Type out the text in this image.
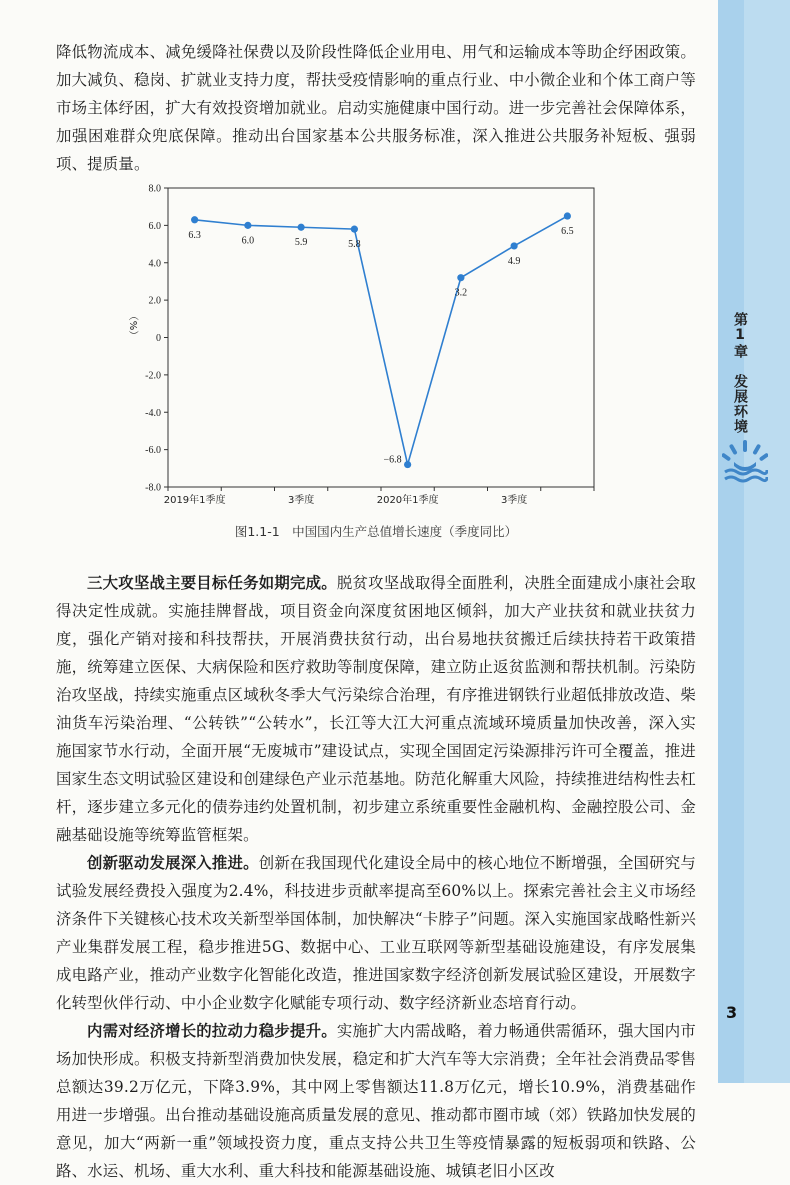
第1章
发展环境
3

降低物流成本、减免缓降社保费以及阶段性降低企业用电、用气和运输成本等助企纾困政策。加大减负、稳岗、扩就业支持力度，帮扶受疫情影响的重点行业、中小微企业和个体工商户等市场主体纾困，扩大有效投资增加就业。启动实施健康中国行动。进一步完善社会保障体系，加强困难群众兜底保障。推动出台国家基本公共服务标准，深入推进公共服务补短板、强弱项、提质量。

8.0
6.0
4.0
2.0
0
-2.0
-4.0
-6.0
-8.0
（%）
2019年1季度	3季度	2020年1季度	3季度
6.3
6.0	5.9	5.8
−6.8
3.2
4.9
6.5
图1.1-1　中国国内生产总值增长速度（季度同比）

三大攻坚战主要目标任务如期完成。脱贫攻坚战取得全面胜利，决胜全面建成小康社会取得决定性成就。实施挂牌督战，项目资金向深度贫困地区倾斜，加大产业扶贫和就业扶贫力度，强化产销对接和科技帮扶，开展消费扶贫行动，出台易地扶贫搬迁后续扶持若干政策措施，统筹建立医保、大病保险和医疗救助等制度保障，建立防止返贫监测和帮扶机制。污染防治攻坚战，持续实施重点区域秋冬季大气污染综合治理，有序推进钢铁行业超低排放改造、柴油货车污染治理、“公转铁”“公转水”，长江等大江大河重点流域环境质量加快改善，深入实施国家节水行动，全面开展“无废城市”建设试点，实现全国固定污染源排污许可全覆盖，推进国家生态文明试验区建设和创建绿色产业示范基地。防范化解重大风险，持续推进结构性去杠杆，逐步建立多元化的债券违约处置机制，初步建立系统重要性金融机构、金融控股公司、金融基础设施等统筹监管框架。

创新驱动发展深入推进。创新在我国现代化建设全局中的核心地位不断增强，全国研究与试验发展经费投入强度为2.4%，科技进步贡献率提高至60%以上。探索完善社会主义市场经济条件下关键核心技术攻关新型举国体制，加快解决“卡脖子”问题。深入实施国家战略性新兴产业集群发展工程，稳步推进5G、数据中心、工业互联网等新型基础设施建设，有序发展集成电路产业，推动产业数字化智能化改造，推进国家数字经济创新发展试验区建设，开展数字化转型伙伴行动、中小企业数字化赋能专项行动、数字经济新业态培育行动。

内需对经济增长的拉动力稳步提升。实施扩大内需战略，着力畅通供需循环，强大国内市场加快形成。积极支持新型消费加快发展，稳定和扩大汽车等大宗消费；全年社会消费品零售总额达39.2万亿元，下降3.9%，其中网上零售额达11.8万亿元，增长10.9%，消费基础作用进一步增强。出台推动基础设施高质量发展的意见、推动都市圈市域（郊）铁路加快发展的意见，加大“两新一重”领域投资力度，重点支持公共卫生等疫情暴露的短板弱项和铁路、公路、水运、机场、重大水利、重大科技和能源基础设施、城镇老旧小区改
